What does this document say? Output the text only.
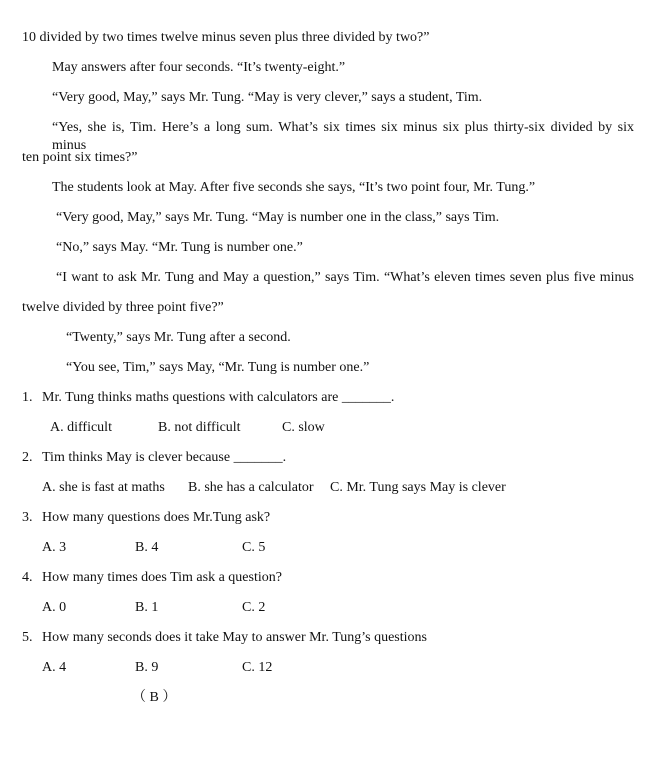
10 divided by two times twelve minus seven plus three divided by two?”
May answers after four seconds. “It’s twenty-eight.”
“Very good, May,” says Mr. Tung. “May is very clever,” says a student, Tim.
“Yes, she is, Tim. Here’s a long sum. What’s six times six minus six plus thirty-six divided by six minus
ten point six times?”
The students look at May. After five seconds she says, “It’s two point four, Mr. Tung.”
“Very good, May,” says Mr. Tung. “May is number one in the class,” says Tim.
“No,” says May. “Mr. Tung is number one.”
“I want to ask Mr. Tung and May a question,” says Tim. “What’s eleven times seven plus five minus
twelve divided by three point five?”
“Twenty,” says Mr. Tung after a second.
“You see, Tim,” says May, “Mr. Tung is number one.”
1. Mr. Tung thinks maths questions with calculators are _______.
A. difficult	B. not difficult	C. slow
2. Tim thinks May is clever because _______.
A. she is fast at maths B. she has a calculator C. Mr. Tung says May is clever
3. How many questions does Mr.Tung ask?
A. 3	B. 4	C. 5
4. How many times does Tim ask a question?
A. 0	B. 1	C. 2
5. How many seconds does it take May to answer Mr. Tung’s questions
A. 4	B. 9	C. 12
（ B ）
